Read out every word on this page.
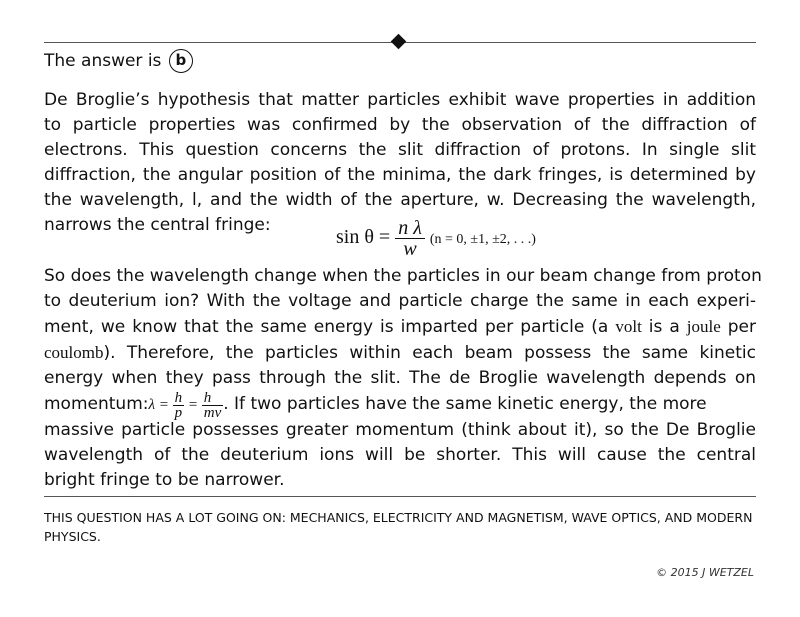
The answer is b
De Broglie’s hypothesis that matter particles exhibit wave properties in addition
to particle properties was confirmed by the observation of the diffraction of
electrons. This question concerns the slit diffraction of protons. In single slit
diffraction, the angular position of the minima, the dark fringes, is determined by
the wavelength, l, and the width of the aperture, w. Decreasing the wavelength,
narrows the central fringe:
$\sin \theta = \frac{\text{n λ}}{w} (n = 0$, ±1, ±2, . . .)
So does the wavelength change when the particles in our beam change from proton
to deuterium ion? With the voltage and particle charge the same in each experi-
ment, we know that the same energy is imparted per particle (a volt is a joule per
coulomb). Therefore, the particles within each beam possess the same kinetic
energy when they pass through the slit. The de Broglie wavelength depends on
momentum:λ = $\frac{h}{p} = \frac{h}{mv}$ . If two particles have the same kinetic energy, the more
massive particle possesses greater momentum (think about it), so the De Broglie
wavelength of the deuterium ions will be shorter. This will cause the central
bright fringe to be narrower.
THIS QUESTION HAS A LOT GOING ON: MECHANICS, ELECTRICITY AND MAGNETISM, WAVE OPTICS, AND MODERN PHYSICS.
© 2015 J WETZEL
